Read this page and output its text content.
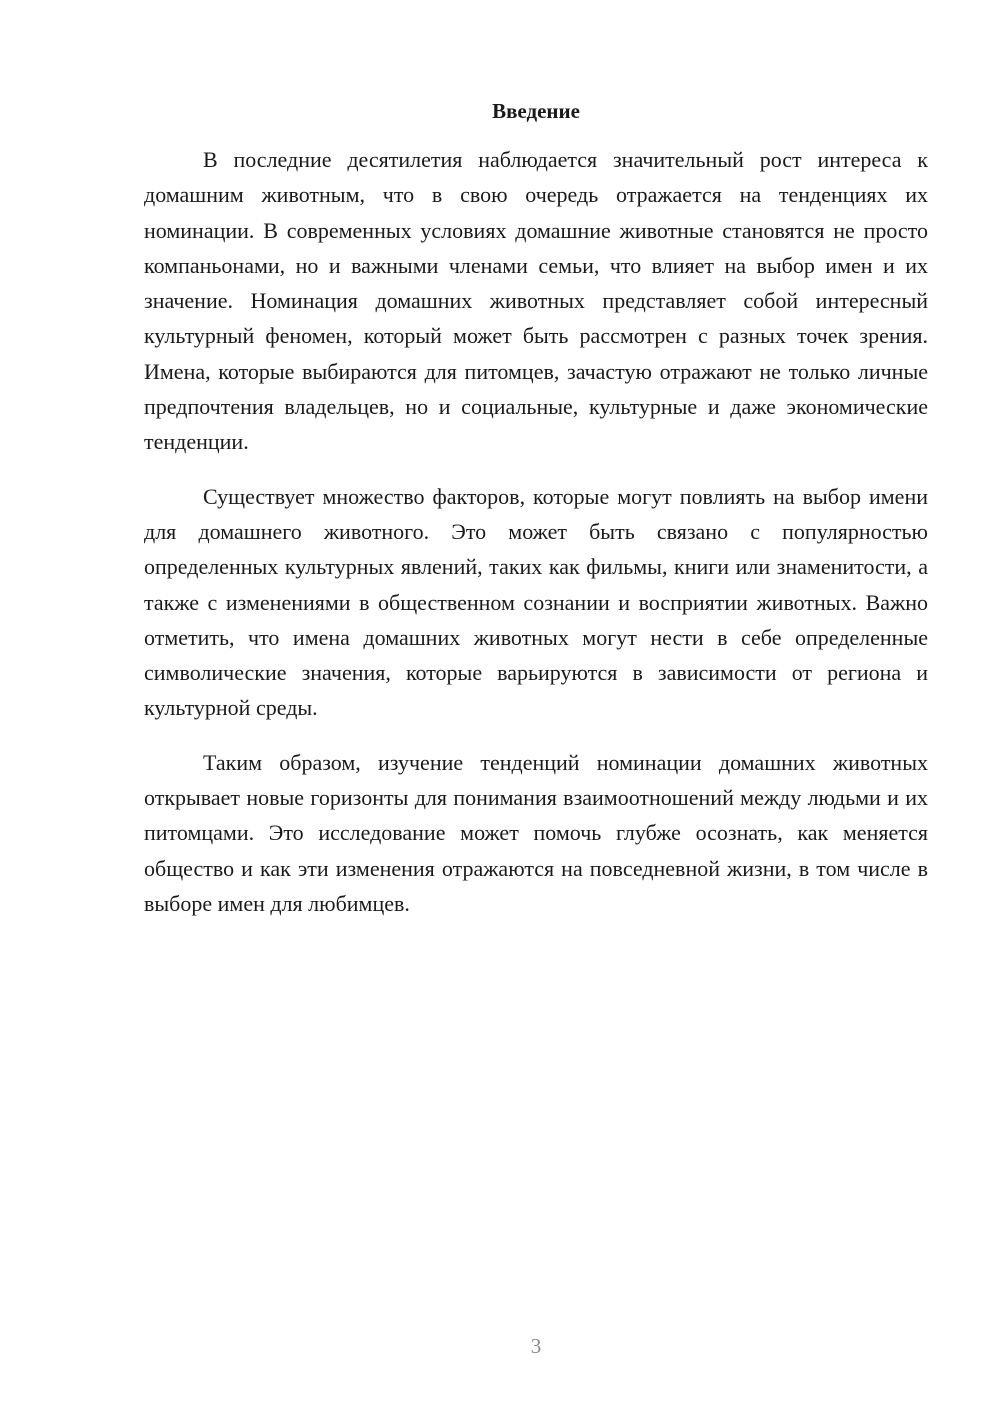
Введение

В последние десятилетия наблюдается значительный рост интереса к домашним животным, что в свою очередь отражается на тенденциях их номинации. В современных условиях домашние животные становятся не просто компаньонами, но и важными членами семьи, что влияет на выбор имен и их значение. Номинация домашних животных представляет собой интересный культурный феномен, который может быть рассмотрен с разных точек зрения. Имена, которые выбираются для питомцев, зачастую отражают не только личные предпочтения владельцев, но и социальные, культурные и даже экономические тенденции.

Существует множество факторов, которые могут повлиять на выбор имени для домашнего животного. Это может быть связано с популярностью определенных культурных явлений, таких как фильмы, книги или знаменитости, а также с изменениями в общественном сознании и восприятии животных. Важно отметить, что имена домашних животных могут нести в себе определенные символические значения, которые варьируются в зависимости от региона и культурной среды.

Таким образом, изучение тенденций номинации домашних животных открывает новые горизонты для понимания взаимоотношений между людьми и их питомцами. Это исследование может помочь глубже осознать, как меняется общество и как эти изменения отражаются на повседневной жизни, в том числе в выборе имен для любимцев.

3
